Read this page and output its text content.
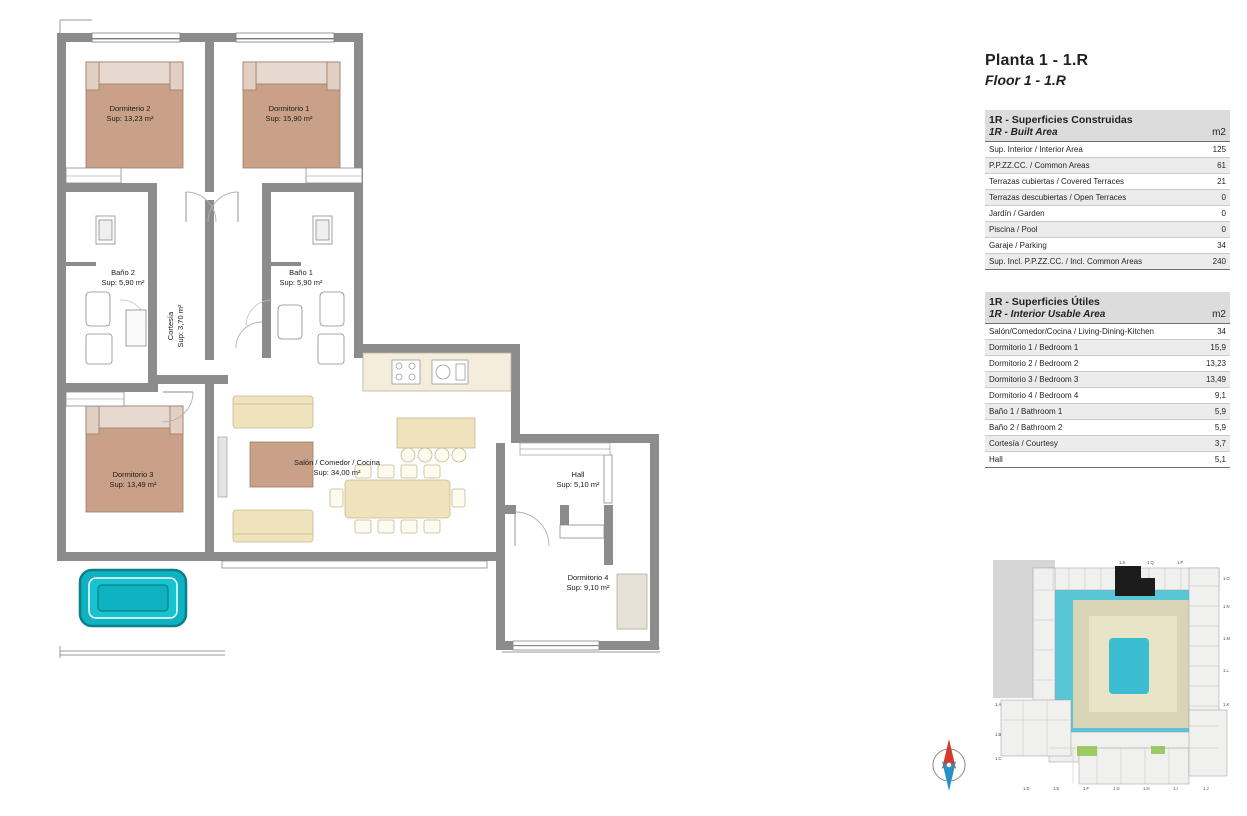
Dormiterio 2
Sup: 13,23 m²
Dormitorio 1
Sup: 15,90 m²
Baño 2
Sup: 5,90 m²
Baño 1
Sup: 5,90 m²
Cortesía Sup: 3,70 m²
Dormitorio 3
Sup: 13,49 m²
Salón / Comedor / Cocina
Sup: 34,00 m²	Hall
Sup: 5,10 m²
Dormitorio 4
Sup: 9,10 m²
Planta 1 - 1.R
Floor 1 - 1.R
1R - Superficies Construidas	
1R - Built Area	m2
Sup. Interior / Interior Area	125
P.P.ZZ.CC. / Common Areas	61
Terrazas cubiertas / Covered Terraces	21
Terrazas descubiertas / Open Terraces	0
Jardín / Garden	0
Piscina / Pool	0
Garaje / Parking	34
Sup. Incl. P.P.ZZ.CC. / Incl. Common Areas	240
1R - Superficies Útiles	
1R - Interior Usable Area	m2
Salón/Comedor/Cocina / Living-Dining-Kitchen	34
Dormitorio 1 / Bedroom 1	15,9
Dormitorio 2 / Bedroom 2	13,23
Dormitorio 3 / Bedroom 3	13,49
Dormitorio 4 / Bedroom 4	9,1
Baño 1 / Bathroom 1	5,9
Baño 2 / Bathroom 2	5,9
Cortesía / Courtesy	3,7
Hall	5,1
1.S	1.Q	1.P
1.O
1.N
1.M
1.L
1.K
1.A
1.B
1.C
1.D	1.E	1.F	1.G	1.H	1.I	1.J
